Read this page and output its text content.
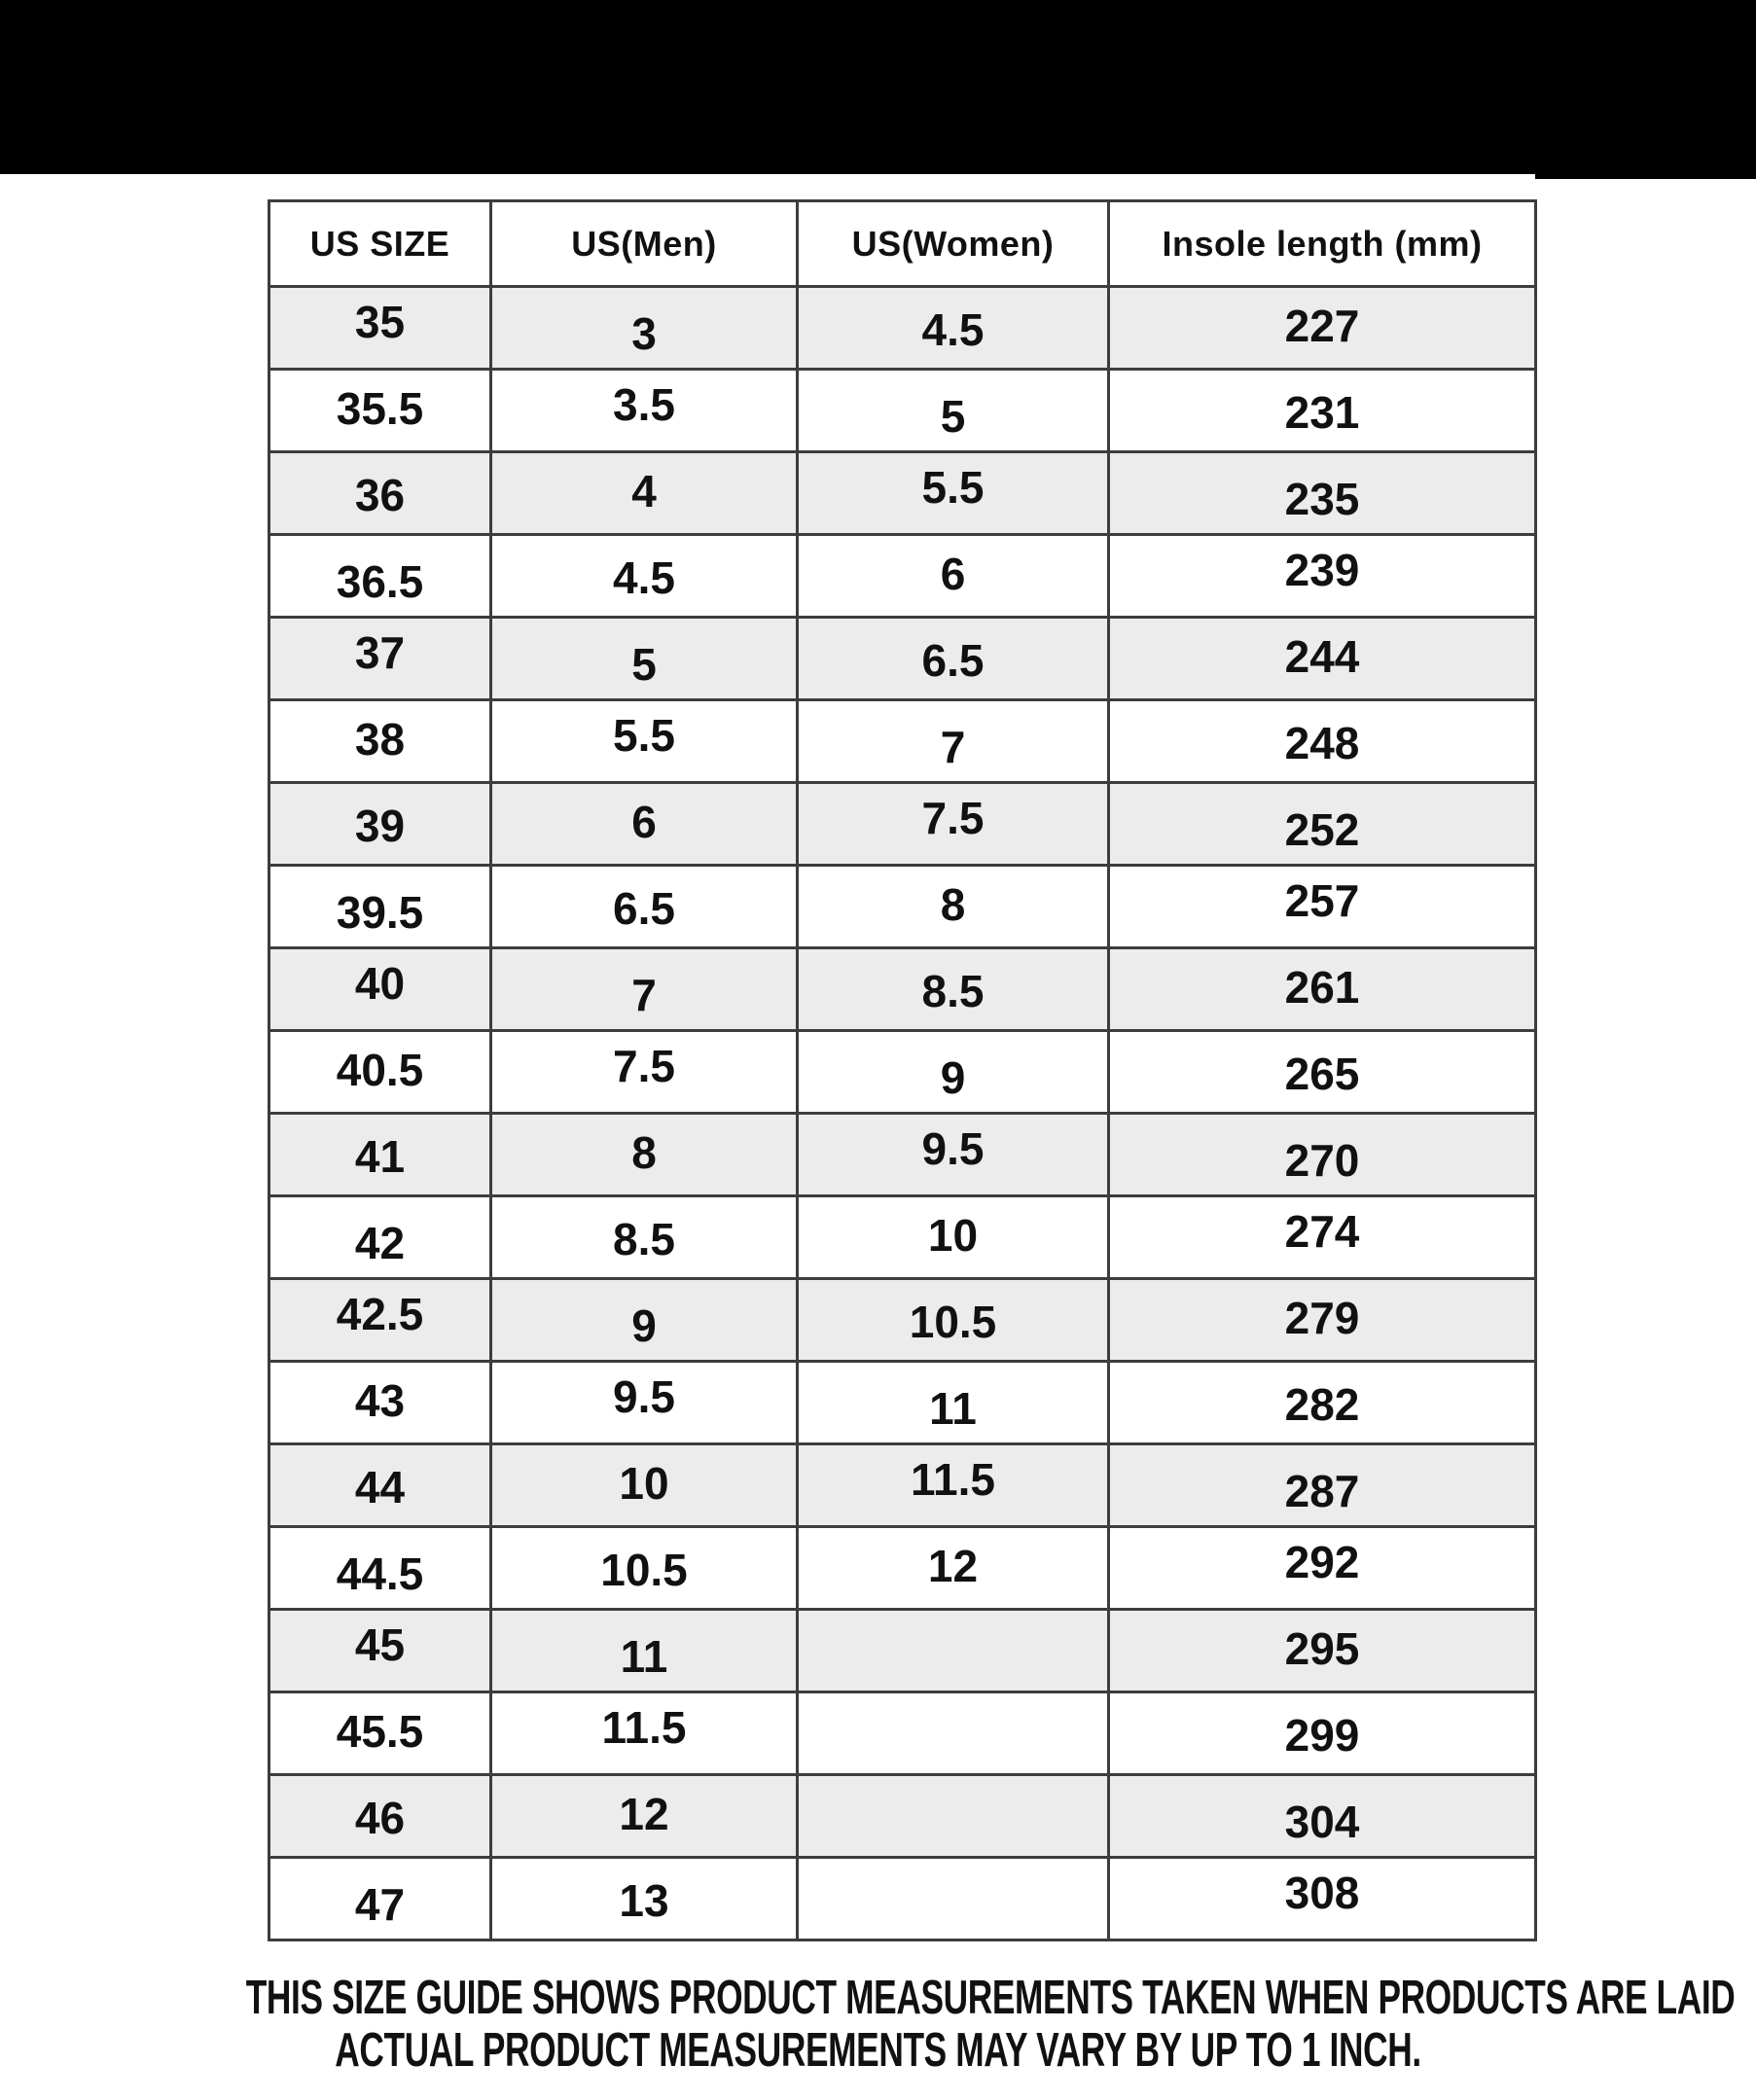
US SIZE	US(Men)	US(Women)	Insole length (mm)
35	3	4.5	227
35.5	3.5	5	231
36	4	5.5	235
36.5	4.5	6	239
37	5	6.5	244
38	5.5	7	248
39	6	7.5	252
39.5	6.5	8	257
40	7	8.5	261
40.5	7.5	9	265
41	8	9.5	270
42	8.5	10	274
42.5	9	10.5	279
43	9.5	11	282
44	10	11.5	287
44.5	10.5	12	292
45	11		295
45.5	11.5		299
46	12		304
47	13		308
THIS SIZE GUIDE SHOWS PRODUCT MEASUREMENTS TAKEN WHEN PRODUCTS ARE LAID
ACTUAL PRODUCT MEASUREMENTS MAY VARY BY UP TO 1 INCH.
